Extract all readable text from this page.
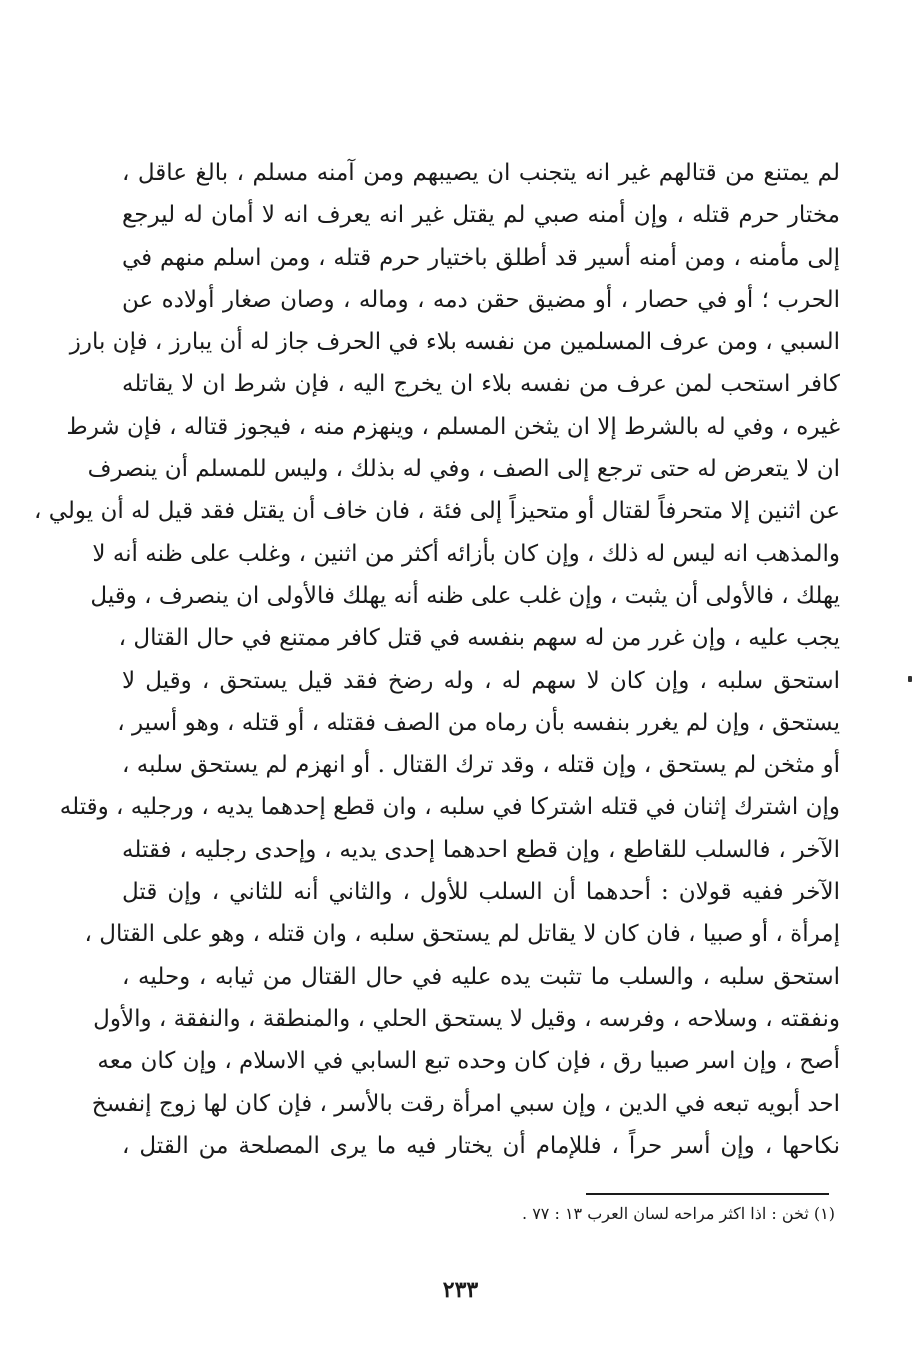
لم يمتنع من قتالهم غير انه يتجنب ان يصيبهم ومن آمنه مسلم ، بالغ عاقل ،
مختار حرم قتله ، وإن أمنه صبي لم يقتل غير انه يعرف انه لا أمان له ليرجع
إلى مأمنه ، ومن أمنه أسير قد أطلق باختيار حرم قتله ، ومن اسلم منهم في
الحرب ؛ أو في حصار ، أو مضيق حقن دمه ، وماله ، وصان صغار أولاده عن
السبي ، ومن عرف المسلمين من نفسه بلاء في الحرف جاز له أن يبارز ، فإن بارز
كافر استحب لمن عرف من نفسه بلاء ان يخرج اليه ، فإن شرط ان لا يقاتله
غيره ، وفي له بالشرط إلا ان يثخن المسلم ، وينهزم منه ، فيجوز قتاله ، فإن شرط
ان لا يتعرض له حتى ترجع إلى الصف ، وفي له بذلك ، وليس للمسلم أن ينصرف
عن اثنين إلا متحرفاً لقتال أو متحيزاً إلى فئة ، فان خاف أن يقتل فقد قيل له أن يولي ،
والمذهب انه ليس له ذلك ، وإن كان بأزائه أكثر من اثنين ، وغلب على ظنه أنه لا
يهلك ، فالأولى أن يثبت ، وإن غلب على ظنه أنه يهلك فالأولى ان ينصرف ، وقيل
يجب عليه ، وإن غرر من له سهم بنفسه في قتل كافر ممتنع في حال القتال ،
استحق سلبه ، وإن كان لا سهم له ، وله رضخ فقد قيل يستحق ، وقيل لا
يستحق ، وإن لم يغرر بنفسه بأن رماه من الصف فقتله ، أو قتله ، وهو أسير ،
أو مثخن لم يستحق ، وإن قتله ، وقد ترك القتال . أو انهزم لم يستحق سلبه ،
وإن اشترك إثنان في قتله اشتركا في سلبه ، وان قطع إحدهما يديه ، ورجليه ، وقتله
الآخر ، فالسلب للقاطع ، وإن قطع احدهما إحدى يديه ، وإحدى رجليه ، فقتله
الآخر ففيه قولان : أحدهما أن السلب للأول ، والثاني أنه للثاني ، وإن قتل
إمرأة ، أو صبيا ، فان كان لا يقاتل لم يستحق سلبه ، وان قتله ، وهو على القتال ،
استحق سلبه ، والسلب ما تثبت يده عليه في حال القتال من ثيابه ، وحليه ،
ونفقته ، وسلاحه ، وفرسه ، وقيل لا يستحق الحلي ، والمنطقة ، والنفقة ، والأول
أصح ، وإن اسر صبيا رق ، فإن كان وحده تبع السابي في الاسلام ، وإن كان معه
احد أبويه تبعه في الدين ، وإن سبي امرأة رقت بالأسر ، فإن كان لها زوج إنفسخ
نكاحها ، وإن أسر حراً ، فللإمام أن يختار فيه ما يرى المصلحة من القتل ،
(١) ثخن : اذا اكثر مراحه لسان العرب ١٣ : ٧٧ .
٢٣٣
